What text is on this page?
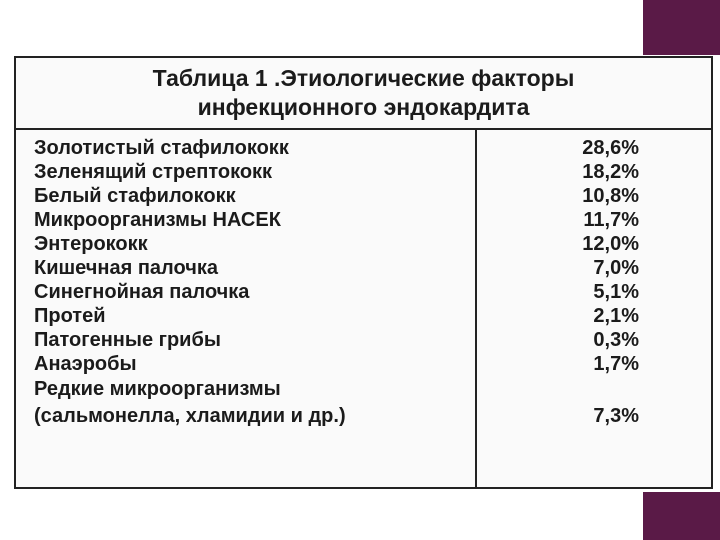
Таблица 1 .Этиологические факторы
инфекционного эндокардита
Золотистый стафилококк	28,6%
Зеленящий стрептококк	18,2%
Белый стафилококк	10,8%
Микроорганизмы НАСЕК	11,7%
Энтерококк	12,0%
Кишечная палочка	7,0%
Синегнойная палочка	5,1%
Протей	2,1%
Патогенные грибы	0,3%
Анаэробы	1,7%
Редкие микроорганизмы
(сальмонелла, хламидии и др.)	7,3%
